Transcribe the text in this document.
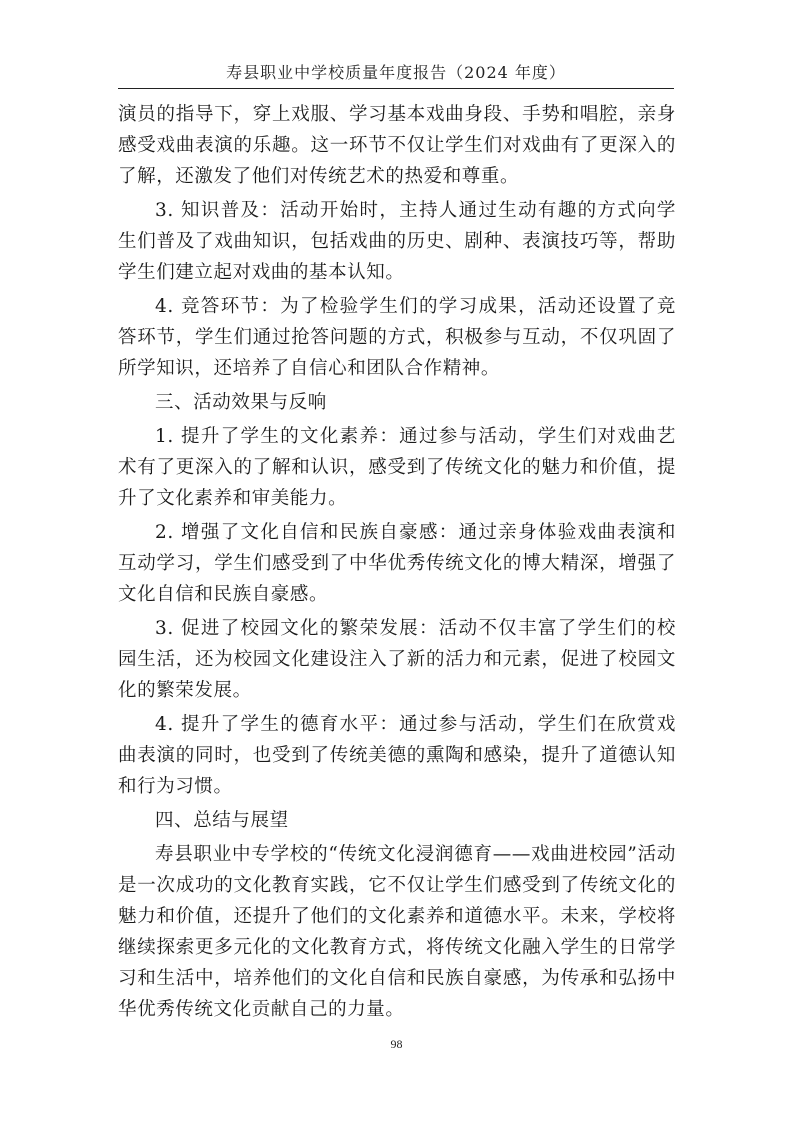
寿县职业中学校质量年度报告（2024 年度）

演员的指导下，穿上戏服、学习基本戏曲身段、手势和唱腔，亲身感受戏曲表演的乐趣。这一环节不仅让学生们对戏曲有了更深入的了解，还激发了他们对传统艺术的热爱和尊重。

3. 知识普及：活动开始时，主持人通过生动有趣的方式向学生们普及了戏曲知识，包括戏曲的历史、剧种、表演技巧等，帮助学生们建立起对戏曲的基本认知。

4. 竞答环节：为了检验学生们的学习成果，活动还设置了竞答环节，学生们通过抢答问题的方式，积极参与互动，不仅巩固了所学知识，还培养了自信心和团队合作精神。

三、活动效果与反响

1. 提升了学生的文化素养：通过参与活动，学生们对戏曲艺术有了更深入的了解和认识，感受到了传统文化的魅力和价值，提升了文化素养和审美能力。

2. 增强了文化自信和民族自豪感：通过亲身体验戏曲表演和互动学习，学生们感受到了中华优秀传统文化的博大精深，增强了文化自信和民族自豪感。

3. 促进了校园文化的繁荣发展：活动不仅丰富了学生们的校园生活，还为校园文化建设注入了新的活力和元素，促进了校园文化的繁荣发展。

4. 提升了学生的德育水平：通过参与活动，学生们在欣赏戏曲表演的同时，也受到了传统美德的熏陶和感染，提升了道德认知和行为习惯。

四、总结与展望

寿县职业中专学校的“传统文化浸润德育——戏曲进校园”活动是一次成功的文化教育实践，它不仅让学生们感受到了传统文化的魅力和价值，还提升了他们的文化素养和道德水平。未来，学校将继续探索更多元化的文化教育方式，将传统文化融入学生的日常学习和生活中，培养他们的文化自信和民族自豪感，为传承和弘扬中华优秀传统文化贡献自己的力量。

98
